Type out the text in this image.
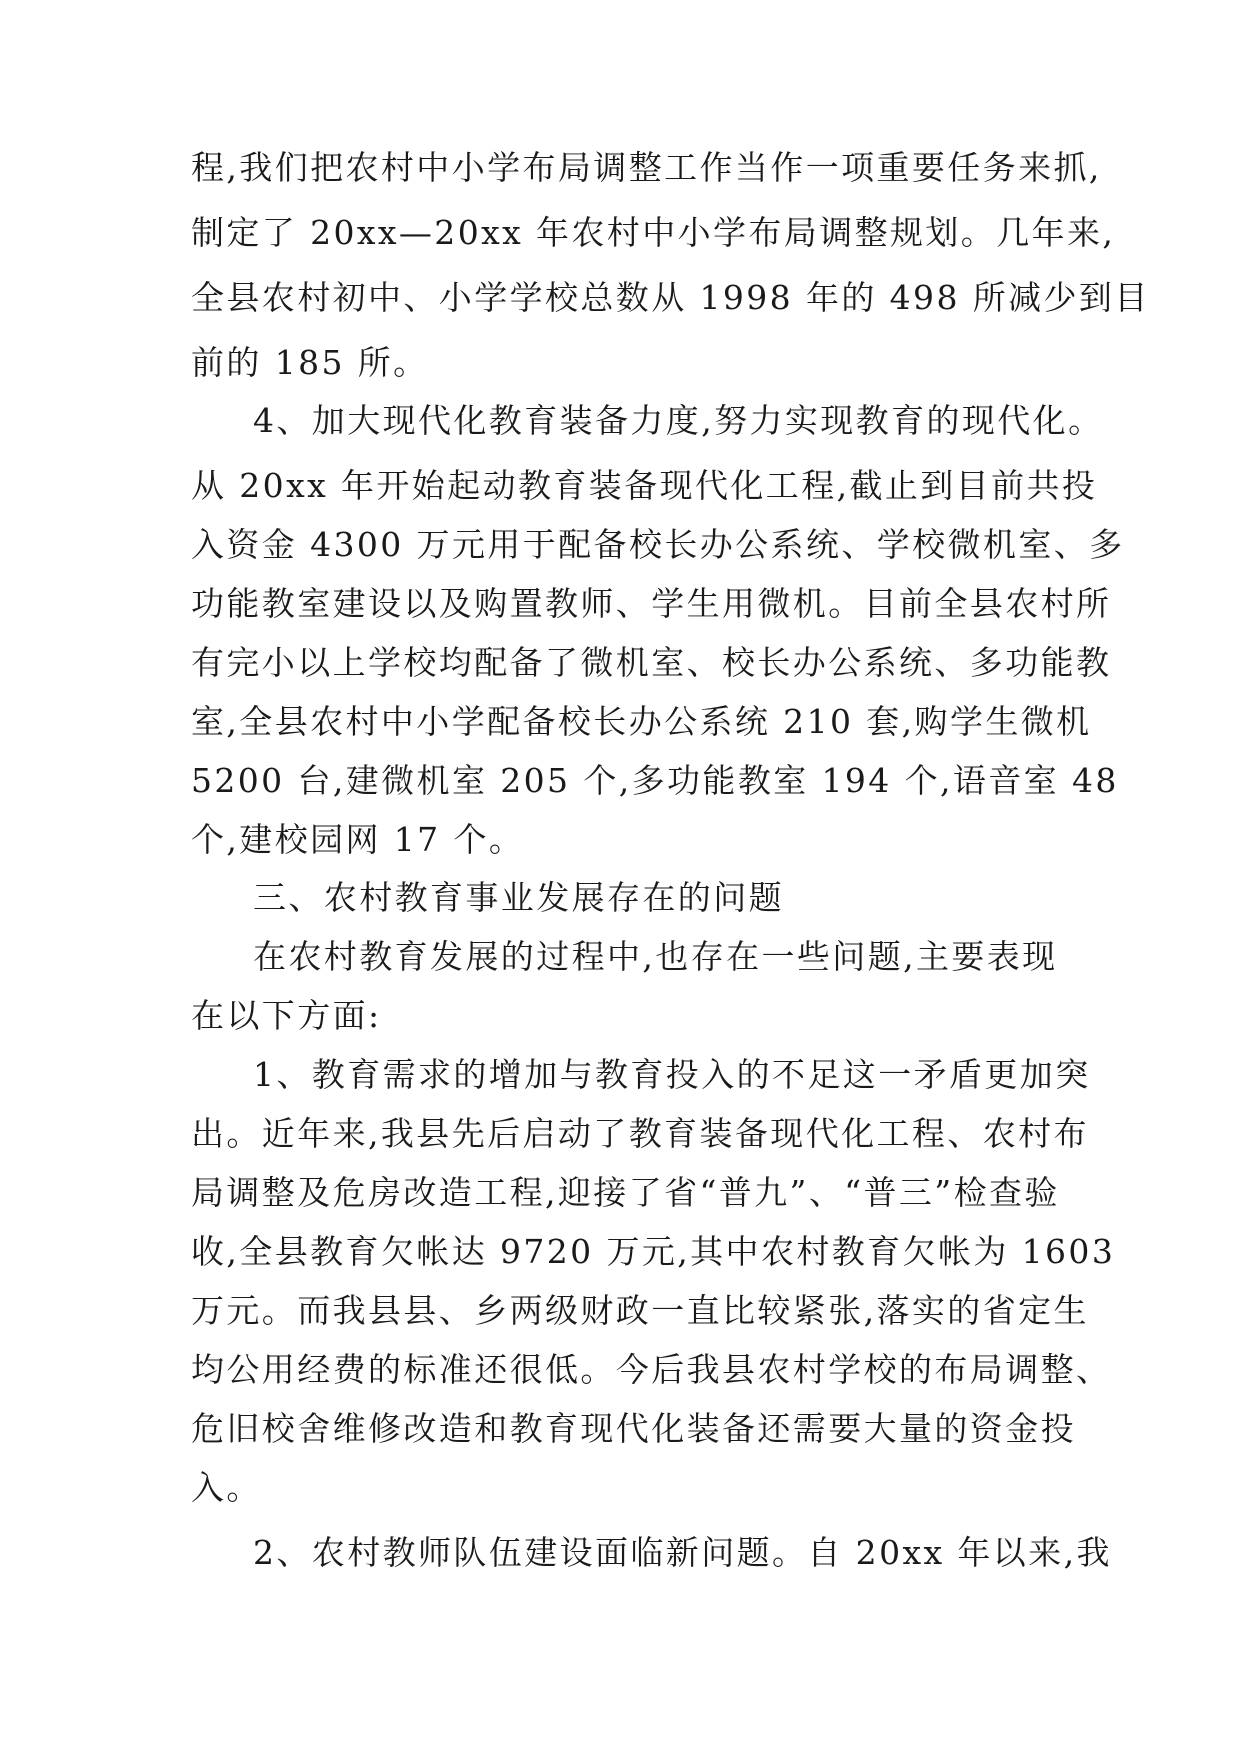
程,我们把农村中小学布局调整工作当作一项重要任务来抓,
制定了 20xx—20xx 年农村中小学布局调整规划。几年来,
全县农村初中、小学学校总数从 1998 年的 498 所减少到目
前的 185 所。
4、加大现代化教育装备力度,努力实现教育的现代化。
从 20xx 年开始起动教育装备现代化工程,截止到目前共投
入资金 4300 万元用于配备校长办公系统、学校微机室、多
功能教室建设以及购置教师、学生用微机。目前全县农村所
有完小以上学校均配备了微机室、校长办公系统、多功能教
室,全县农村中小学配备校长办公系统 210 套,购学生微机
5200 台,建微机室 205 个,多功能教室 194 个,语音室 48
个,建校园网 17 个。
三、农村教育事业发展存在的问题
在农村教育发展的过程中,也存在一些问题,主要表现
在以下方面:
1、教育需求的增加与教育投入的不足这一矛盾更加突
出。近年来,我县先后启动了教育装备现代化工程、农村布
局调整及危房改造工程,迎接了省“普九”、“普三”检查验
收,全县教育欠帐达 9720 万元,其中农村教育欠帐为 1603
万元。而我县县、乡两级财政一直比较紧张,落实的省定生
均公用经费的标准还很低。今后我县农村学校的布局调整、
危旧校舍维修改造和教育现代化装备还需要大量的资金投
入。
2、农村教师队伍建设面临新问题。自 20xx 年以来,我
